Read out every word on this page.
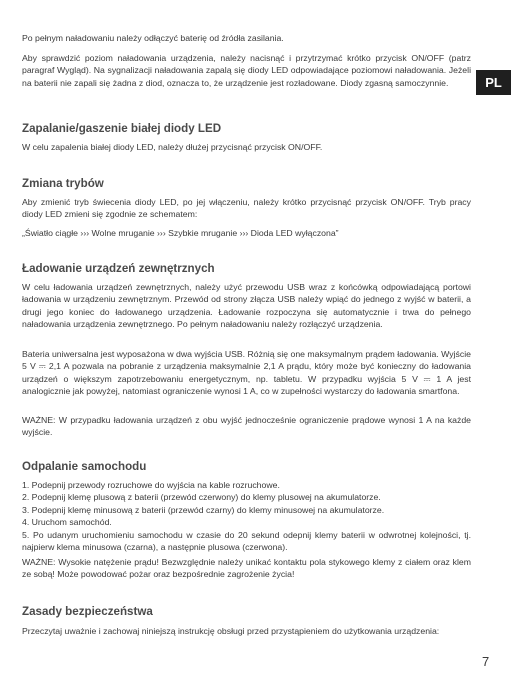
Po pełnym naładowaniu należy odłączyć baterię od źródła zasilania.

Aby sprawdzić poziom naładowania urządzenia, należy nacisnąć i przytrzymać krótko przycisk ON/OFF (patrz paragraf Wygląd). Na sygnalizacji naładowania zapalą się diody LED odpowiadające poziomowi naładowania. Jeżeli na baterii nie zapali się żadna z diod, oznacza to, że urządzenie jest rozładowane. Diody zgasną samoczynnie.

Zapalanie/gaszenie białej diody LED

W celu zapalenia białej diody LED, należy dłużej przycisnąć przycisk ON/OFF.

Zmiana trybów

Aby zmienić tryb świecenia diody LED, po jej włączeniu, należy krótko przycisnąć przycisk ON/OFF. Tryb pracy diody LED zmieni się zgodnie ze schematem:

„Światło ciągłe ››› Wolne mruganie ››› Szybkie mruganie ››› Dioda LED wyłączona”

Ładowanie urządzeń zewnętrznych

W celu ładowania urządzeń zewnętrznych, należy użyć przewodu USB wraz z końcówką odpowiadającą portowi ładowania w urządzeniu zewnętrznym. Przewód od strony złącza USB należy wpiąć do jednego z wyjść w baterii, a drugi jego koniec do ładowanego urządzenia. Ładowanie rozpoczyna się automatycznie i trwa do pełnego naładowania urządzenia zewnętrznego. Po pełnym naładowaniu należy rozłączyć urządzenia.

Bateria uniwersalna jest wyposażona w dwa wyjścia USB. Różnią się one maksymalnym prądem ładowania. Wyjście 5 V ⎓ 2,1 A pozwala na pobranie z urządzenia maksymalnie 2,1 A prądu, który może być konieczny do ładowania urządzeń o większym zapotrzebowaniu energetycznym, np. tabletu. W przypadku wyjścia 5 V ⎓ 1 A jest analogicznie jak powyżej, natomiast ograniczenie wynosi 1 A, co w zupełności wystarczy do ładowania smartfona.

WAŻNE: W przypadku ładowania urządzeń z obu wyjść jednocześnie ograniczenie prądowe wynosi 1 A na każde wyjście.

Odpalanie samochodu
1. Podepnij przewody rozruchowe do wyjścia na kable rozruchowe.
2. Podepnij klemę plusową z baterii (przewód czerwony) do klemy plusowej na akumulatorze.
3. Podepnij klemę minusową z baterii (przewód czarny) do klemy minusowej na akumulatorze.
4. Uruchom samochód.
5. Po udanym uruchomieniu samochodu w czasie do 20 sekund odepnij klemy baterii w odwrotnej kolejności, tj. najpierw klema minusowa (czarna), a następnie plusowa (czerwona).

WAŻNE: Wysokie natężenie prądu! Bezwzględnie należy unikać kontaktu pola stykowego klemy z ciałem oraz klem ze sobą! Może powodować pożar oraz bezpośrednie zagrożenie życia!

Zasady bezpieczeństwa

Przeczytaj uważnie i zachowaj niniejszą instrukcję obsługi przed przystąpieniem do użytkowania urządzenia:

PL
7
